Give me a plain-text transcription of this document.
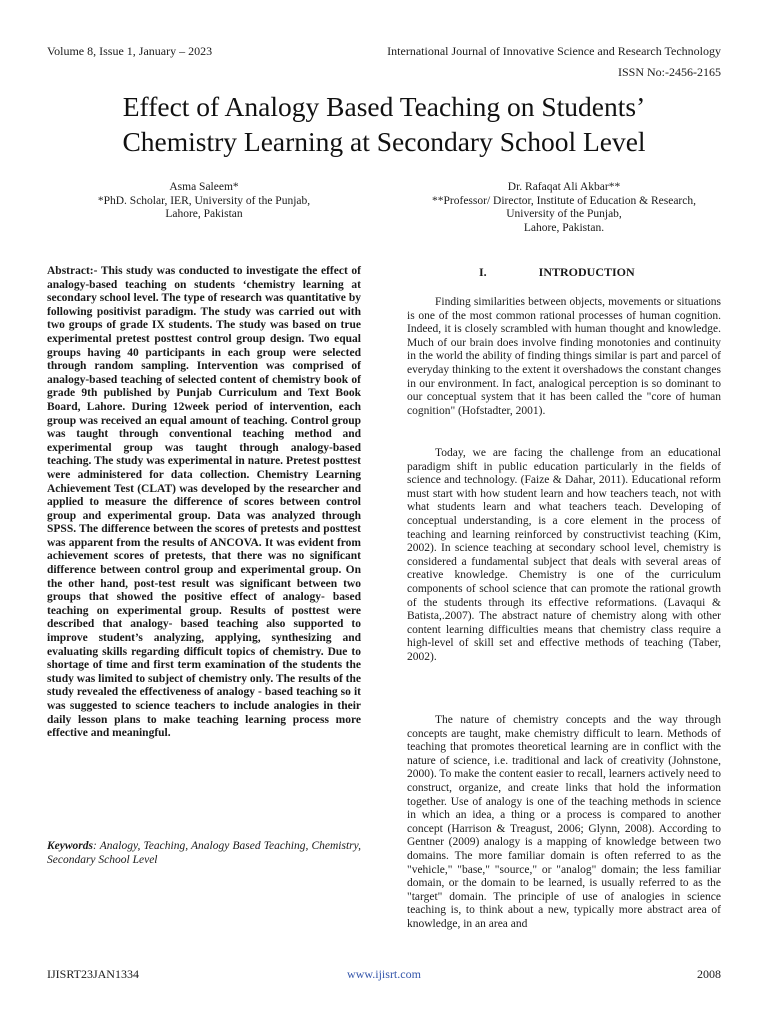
Volume 8, Issue 1, January – 2023	International Journal of Innovative Science and Research Technology
ISSN No:-2456-2165
Effect of Analogy Based Teaching on Students’
Chemistry Learning at Secondary School Level
Asma Saleem*
*PhD. Scholar, IER, University of the Punjab,
Lahore, Pakistan
Dr. Rafaqat Ali Akbar**
**Professor/ Director, Institute of Education & Research,
University of the Punjab,
Lahore, Pakistan.

Abstract:- This study was conducted to investigate the effect of analogy-based teaching on students ‘chemistry learning at secondary school level. The type of research was quantitative by following positivist paradigm. The study was carried out with two groups of grade IX students. The study was based on true experimental pretest posttest control group design. Two equal groups having 40 participants in each group were selected through random sampling. Intervention was comprised of analogy-based teaching of selected content of chemistry book of grade 9th published by Punjab Curriculum and Text Book Board, Lahore. During 12week period of intervention, each group was received an equal amount of teaching. Control group was taught through conventional teaching method and experimental group was taught through analogy-based teaching. The study was experimental in nature. Pretest posttest were administered for data collection. Chemistry Learning Achievement Test (CLAT) was developed by the researcher and applied to measure the difference of scores between control group and experimental group. Data was analyzed through SPSS. The difference between the scores of pretests and posttest was apparent from the results of ANCOVA. It was evident from achievement scores of pretests, that there was no significant difference between control group and experimental group. On the other hand, post-test result was significant between two groups that showed the positive effect of analogy- based teaching on experimental group. Results of posttest were described that analogy- based teaching also supported to improve student’s analyzing, applying, synthesizing and evaluating skills regarding difficult topics of chemistry. Due to shortage of time and first term examination of the students the study was limited to subject of chemistry only. The results of the study revealed the effectiveness of analogy - based teaching so it was suggested to science teachers to include analogies in their daily lesson plans to make teaching learning process more effective and meaningful.

Keywords: Analogy, Teaching, Analogy Based Teaching, Chemistry, Secondary School Level

I.	INTRODUCTION

Finding similarities between objects, movements or situations is one of the most common rational processes of human cognition. Indeed, it is closely scrambled with human thought and knowledge. Much of our brain does involve finding monotonies and continuity in the world the ability of finding things similar is part and parcel of everyday thinking to the extent it overshadows the constant changes in our environment. In fact, analogical perception is so dominant to our conceptual system that it has been called the "core of human cognition" (Hofstadter, 2001).

Today, we are facing the challenge from an educational paradigm shift in public education particularly in the fields of science and technology. (Faize & Dahar, 2011). Educational reform must start with how student learn and how teachers teach, not with what students learn and what teachers teach. Developing of conceptual understanding, is a core element in the process of teaching and learning reinforced by constructivist teaching (Kim, 2002). In science teaching at secondary school level, chemistry is considered a fundamental subject that deals with several areas of creative knowledge. Chemistry is one of the curriculum components of school science that can promote the rational growth of the students through its effective reformations. (Lavaqui & Batista,.2007). The abstract nature of chemistry along with other content learning difficulties means that chemistry class require a high-level of skill set and effective methods of teaching (Taber, 2002).

The nature of chemistry concepts and the way through concepts are taught, make chemistry difficult to learn. Methods of teaching that promotes theoretical learning are in conflict with the nature of science, i.e. traditional and lack of creativity (Johnstone, 2000). To make the content easier to recall, learners actively need to construct, organize, and create links that hold the information together. Use of analogy is one of the teaching methods in science in which an idea, a thing or a process is compared to another concept (Harrison & Treagust, 2006; Glynn, 2008). According to Gentner (2009) analogy is a mapping of knowledge between two domains. The more familiar domain is often referred to as the "vehicle," "base," "source," or "analog" domain; the less familiar domain, or the domain to be learned, is usually referred to as the "target" domain. The principle of use of analogies in science teaching is, to think about a new, typically more abstract area of knowledge, in an area and

IJISRT23JAN1334	www.ijisrt.com	2008
